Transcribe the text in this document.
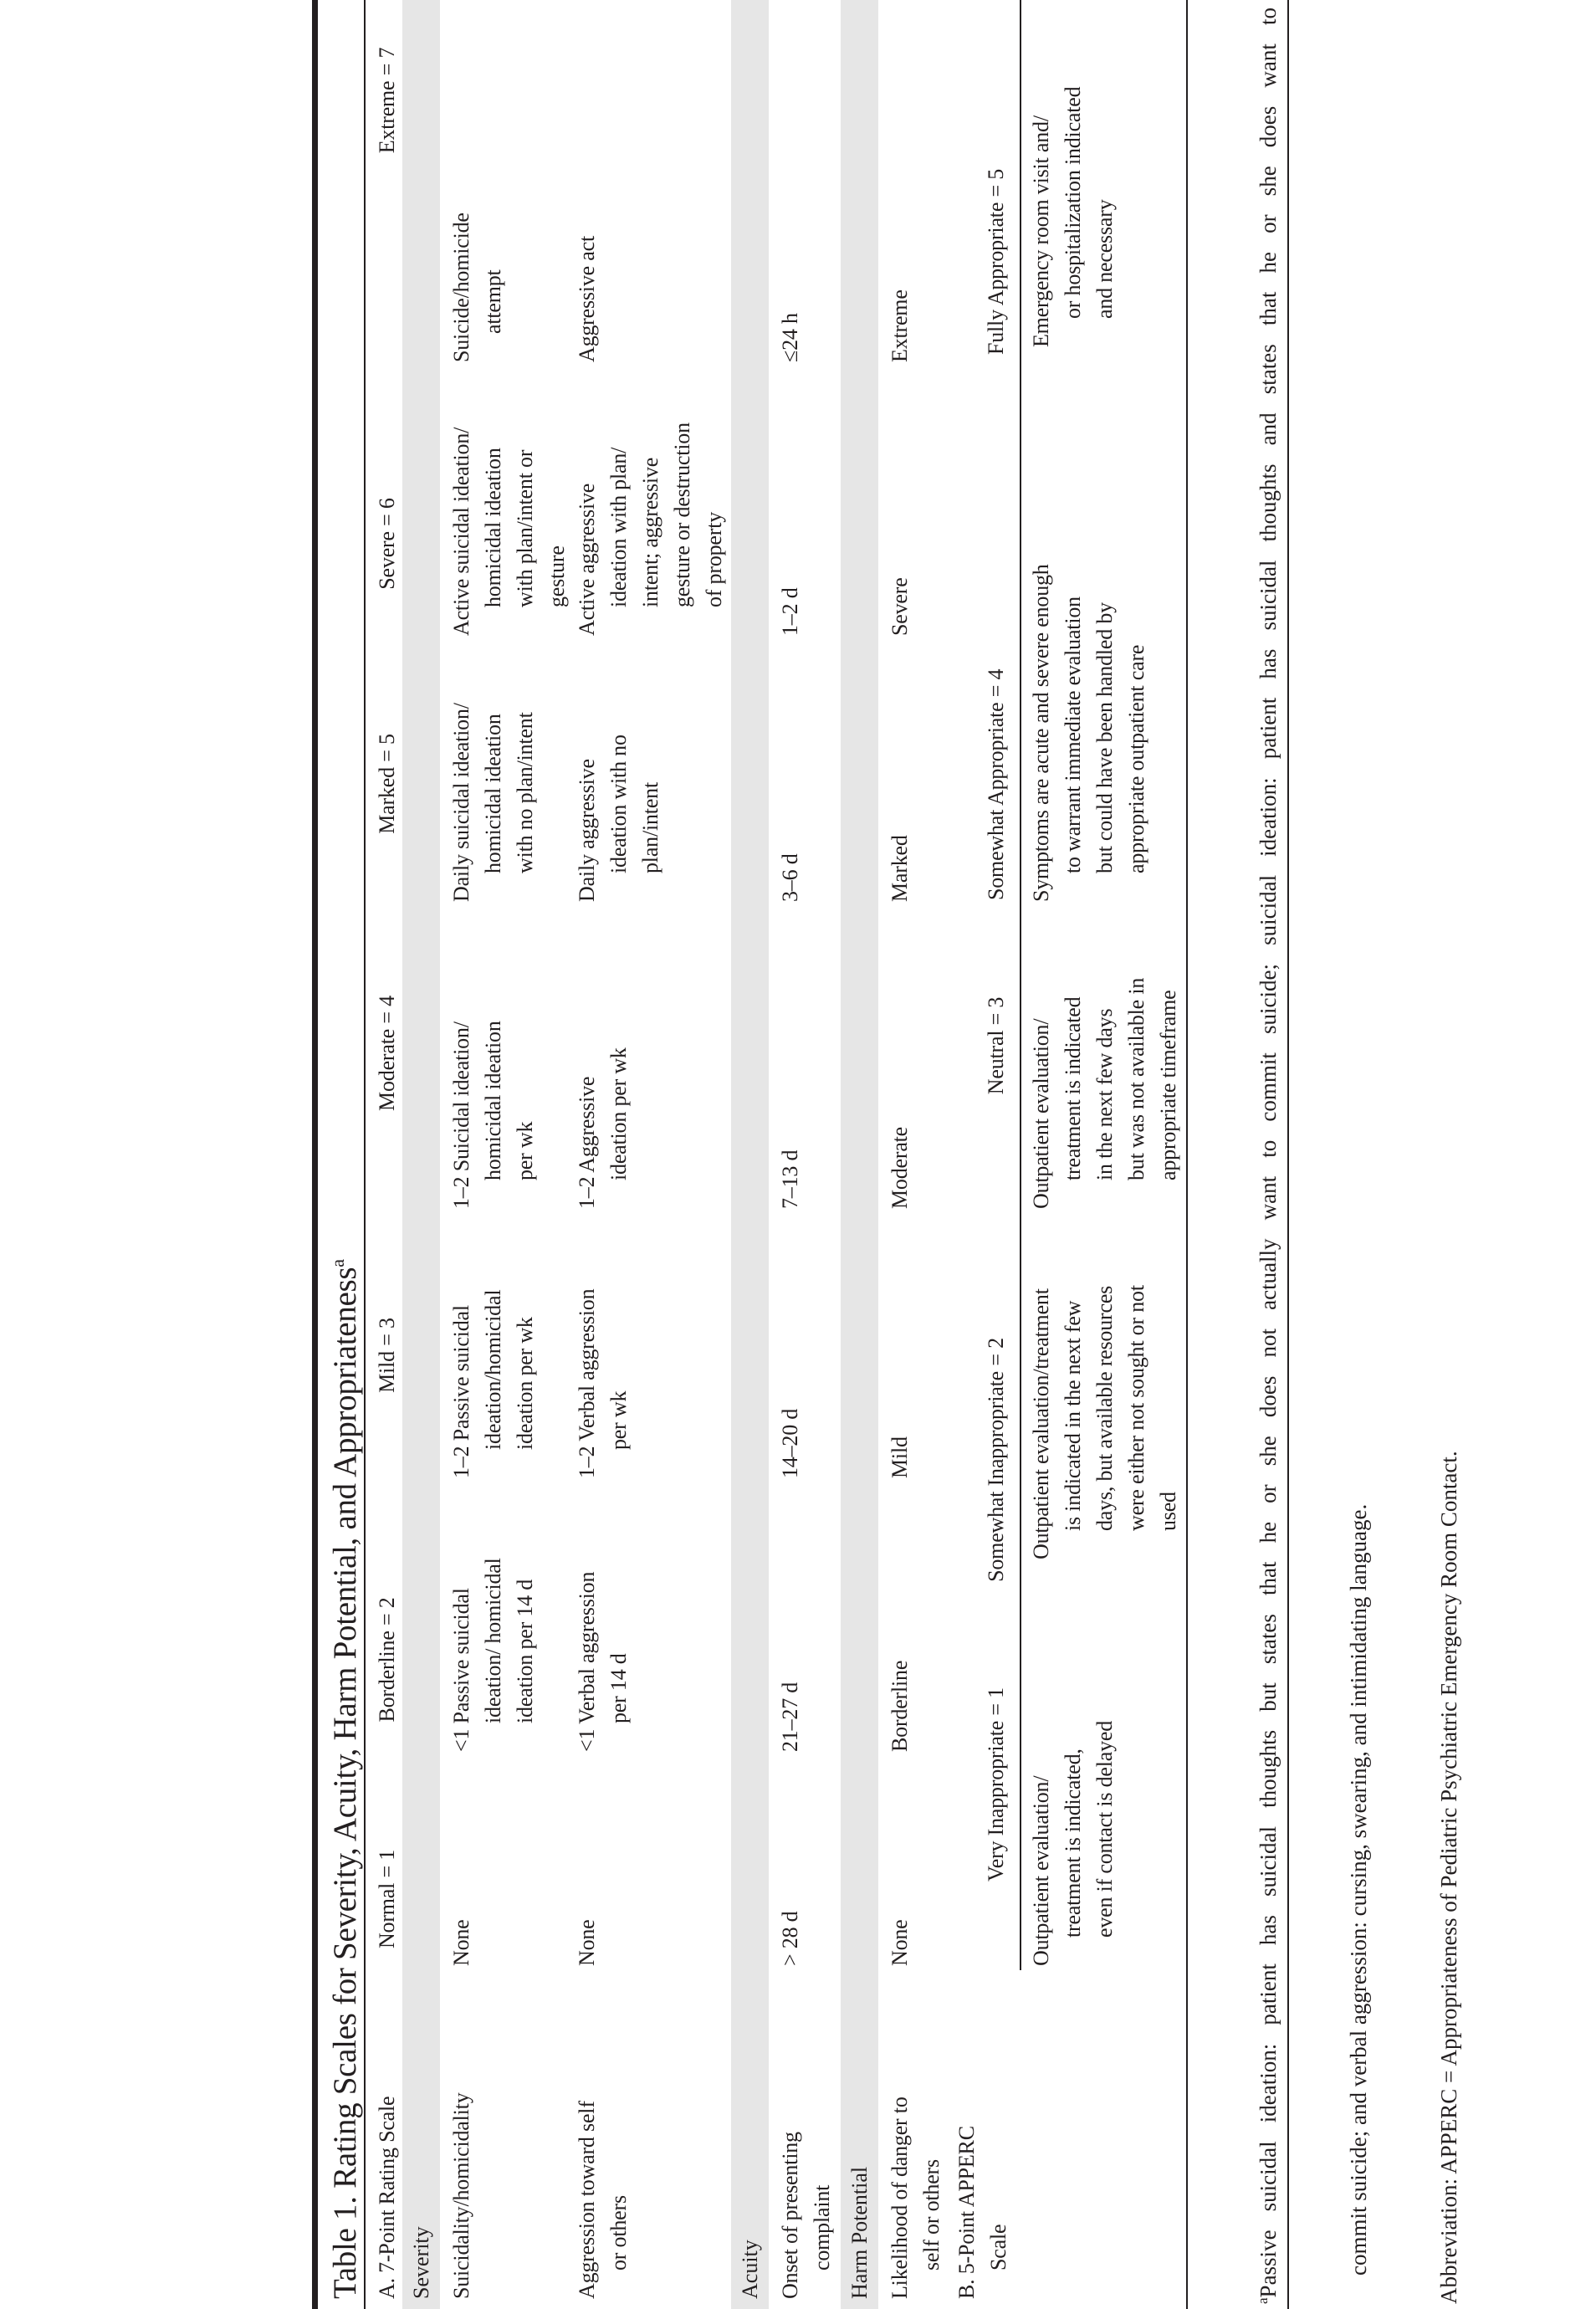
Table 1. Rating Scales for Severity, Acuity, Harm Potential, and Appropriateness$^a$
A. 7-Point Rating Scale
Normal = 1
Borderline = 2
Mild = 3
Moderate = 4
Marked = 5
Severe = 6
Extreme = 7
Severity Suicidality/homicidality
None
<1 Passive suicidal
ideation/ homicidal
ideation per 14 d
1–2 Passive suicidal
ideation/homicidal
ideation per wk
1–2 Suicidal ideation/
homicidal ideation
per wk
Daily suicidal ideation/
homicidal ideation
with no plan/intent
Active suicidal ideation/
homicidal ideation
with plan/intent or
gesture
Suicide/homicide
attempt
Aggression toward self
or others
None
<1 Verbal aggression
per 14 d
1–2 Verbal aggression
per wk
1–2 Aggressive
ideation per wk
Daily aggressive
ideation with no
plan/intent
Active aggressive
ideation with plan/
intent; aggressive
gesture or destruction
of property
Aggressive act
Acuity Onset of presenting
complaint
> 28 d
21–27 d
14–20 d
7–13 d
3–6 d
1–2 d
≤24 h
Harm Potential Likelihood of danger to
self or others
None
Borderline
Mild
Moderate
Marked
Severe
Extreme
B. 5-Point APPERC
Scale
Very Inappropriate = 1
Somewhat Inappropriate = 2
Neutral = 3
Somewhat Appropriate = 4
Fully Appropriate = 5
Outpatient evaluation/
treatment is indicated,
even if contact is delayed
Outpatient evaluation/treatment
is indicated in the next few
days, but available resources
were either not sought or not
used
Outpatient evaluation/
treatment is indicated
in the next few days
but was not available in
appropriate timeframe
Symptoms are acute and severe enough
to warrant immediate evaluation
but could have been handled by
appropriate outpatient care
Emergency room visit and/
or hospitalization indicated
and necessary

$^a$Passive suicidal ideation: patient has suicidal thoughts but states that he or she does not actually want to commit suicide; suicidal ideation: patient has suicidal thoughts and states that he or she does want to

	commit suicide; and verbal aggression: cursing, swearing, and intimidating language.

	Abbreviation: APPERC = Appropriateness of Pediatric Psychiatric Emergency Room Contact.
